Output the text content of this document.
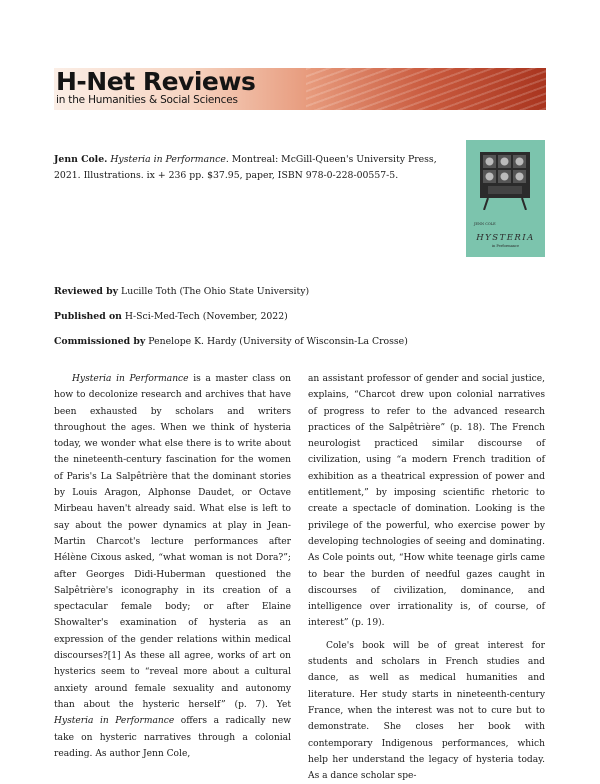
H-Net Reviews
in the Humanities & Social Sciences
Jenn Cole. Hysteria in Performance. Montreal: McGill-Queen's University Press, 2021. Illustrations. ix + 236 pp. $37.95, paper, ISBN 978-0-228-00557-5.
JENN COLE
HYSTERIA
in Performance
Reviewed by Lucille Toth (The Ohio State University)
Published on H-Sci-Med-Tech (November, 2022)
Commissioned by Penelope K. Hardy (University of Wisconsin-La Crosse)

Hysteria in Performance is a master class on how to decolonize research and archives that have been exhausted by scholars and writers throughout the ages. When we think of hysteria today, we wonder what else there is to write about the nineteenth-century fascination for the women of Paris's La Salpêtrière that the dominant stories by Louis Aragon, Alphonse Daudet, or Octave Mirbeau haven't already said. What else is left to say about the power dynamics at play in Jean-Martin Charcot's lecture performances after Hélène Cixous asked, “what woman is not Dora?”; after Georges Didi-Huberman questioned the Salpêtrière's iconography in its creation of a spectacular female body; or after Elaine Showalter's examination of hysteria as an expression of the gender relations within medical discourses?[1] As these all agree, works of art on hysterics seem to “reveal more about a cultural anxiety around female sexuality and autonomy than about the hysteric herself” (p. 7). Yet Hysteria in Performance offers a radically new take on hysteric narratives through a colonial reading. As author Jenn Cole,

an assistant professor of gender and social justice, explains, “Charcot drew upon colonial narratives of progress to refer to the advanced research practices of the Salpêtrière” (p. 18). The French neurologist practiced similar discourse of civilization, using “a modern French tradition of exhibition as a theatrical expression of power and entitlement,” by imposing scientific rhetoric to create a spectacle of domination. Looking is the privilege of the powerful, who exercise power by developing technologies of seeing and dominating. As Cole points out, “How white teenage girls came to bear the burden of needful gazes caught in discourses of civilization, dominance, and intelligence over irrationality is, of course, of interest” (p. 19).

Cole's book will be of great interest for students and scholars in French studies and dance, as well as medical humanities and literature. Her study starts in nineteenth-century France, when the interest was not to cure but to demonstrate. She closes her book with contemporary Indigenous performances, which help her understand the legacy of hysteria today. As a dance scholar spe-
